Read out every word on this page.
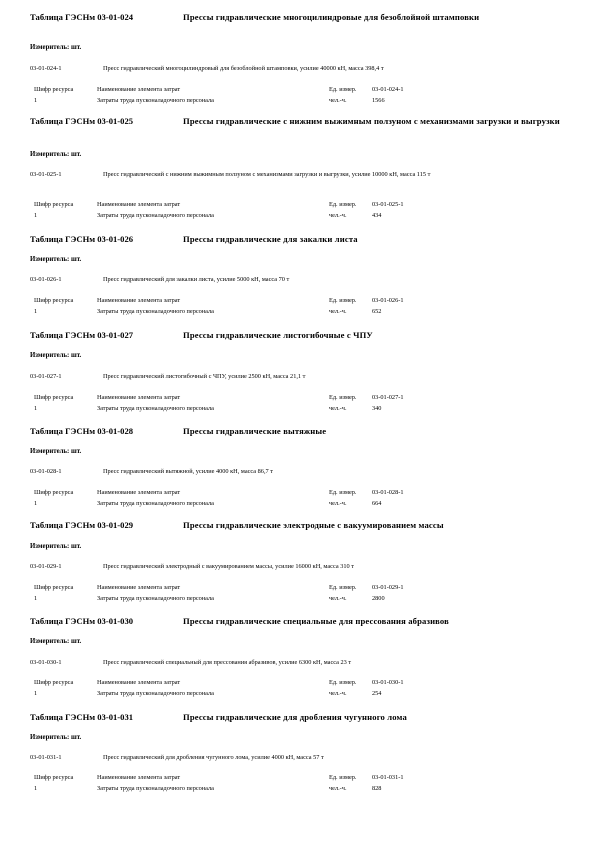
Таблица ГЭСНм 03-01-024	Прессы гидравлические многоцилиндровые для безоблойной штамповки
Измеритель: шт.
03-01-024-1	Пресс гидравлический многоцилиндровый для безоблойной штамповки, усилие 40000 кН, масса 398,4 т
Шифр ресурса	Наименование элемента затрат	Ед. измер. 03-01-024-1
1	Затраты труда пусконаладочного персонала	чел.-ч.	1566
Таблица ГЭСНм 03-01-025	Прессы гидравлические с нижним выжимным ползуном с механизмами загрузки и выгрузки
Измеритель: шт.
03-01-025-1	Пресс гидравлический с нижним выжимным ползуном с механизмами загрузки и выгрузки, усилие 10000 кН, масса 115 т
Шифр ресурса	Наименование элемента затрат	Ед. измер. 03-01-025-1
1	Затраты труда пусконаладочного персонала	чел.-ч.	434
Таблица ГЭСНм 03-01-026	Прессы гидравлические для закалки листа
Измеритель: шт.
03-01-026-1	Пресс гидравлический для закалки листа, усилие 5000 кН, масса 70 т
Шифр ресурса	Наименование элемента затрат	Ед. измер. 03-01-026-1
1	Затраты труда пусконаладочного персонала	чел.-ч.	652
Таблица ГЭСНм 03-01-027	Прессы гидравлические листогибочные с ЧПУ
Измеритель: шт.
03-01-027-1	Пресс гидравлический листогибочный с ЧПУ, усилие 2500 кН, масса 21,1 т
Шифр ресурса	Наименование элемента затрат	Ед. измер. 03-01-027-1
1	Затраты труда пусконаладочного персонала	чел.-ч.	340
Таблица ГЭСНм 03-01-028	Прессы гидравлические вытяжные
Измеритель: шт.
03-01-028-1	Пресс гидравлический вытяжной, усилие 4000 кН, масса 86,7 т
Шифр ресурса	Наименование элемента затрат	Ед. измер. 03-01-028-1
1	Затраты труда пусконаладочного персонала	чел.-ч.	664
Таблица ГЭСНм 03-01-029	Прессы гидравлические электродные с вакуумированием массы
Измеритель: шт.
03-01-029-1	Пресс гидравлический электродный с вакуумированием массы, усилие 16000 кН, масса 310 т
Шифр ресурса	Наименование элемента затрат	Ед. измер. 03-01-029-1
1	Затраты труда пусконаладочного персонала	чел.-ч.	2800
Таблица ГЭСНм 03-01-030	Прессы гидравлические специальные для прессования абразивов
Измеритель: шт.
03-01-030-1	Пресс гидравлический специальный для прессования абразивов, усилие 6300 кН, масса 23 т
Шифр ресурса	Наименование элемента затрат	Ед. измер. 03-01-030-1
1	Затраты труда пусконаладочного персонала	чел.-ч.	254
Таблица ГЭСНм 03-01-031	Прессы гидравлические для дробления чугунного лома
Измеритель: шт.
03-01-031-1	Пресс гидравлический для дробления чугунного лома, усилие 4000 кН, масса 57 т
Шифр ресурса	Наименование элемента затрат	Ед. измер. 03-01-031-1
1	Затраты труда пусконаладочного персонала	чел.-ч.	828
